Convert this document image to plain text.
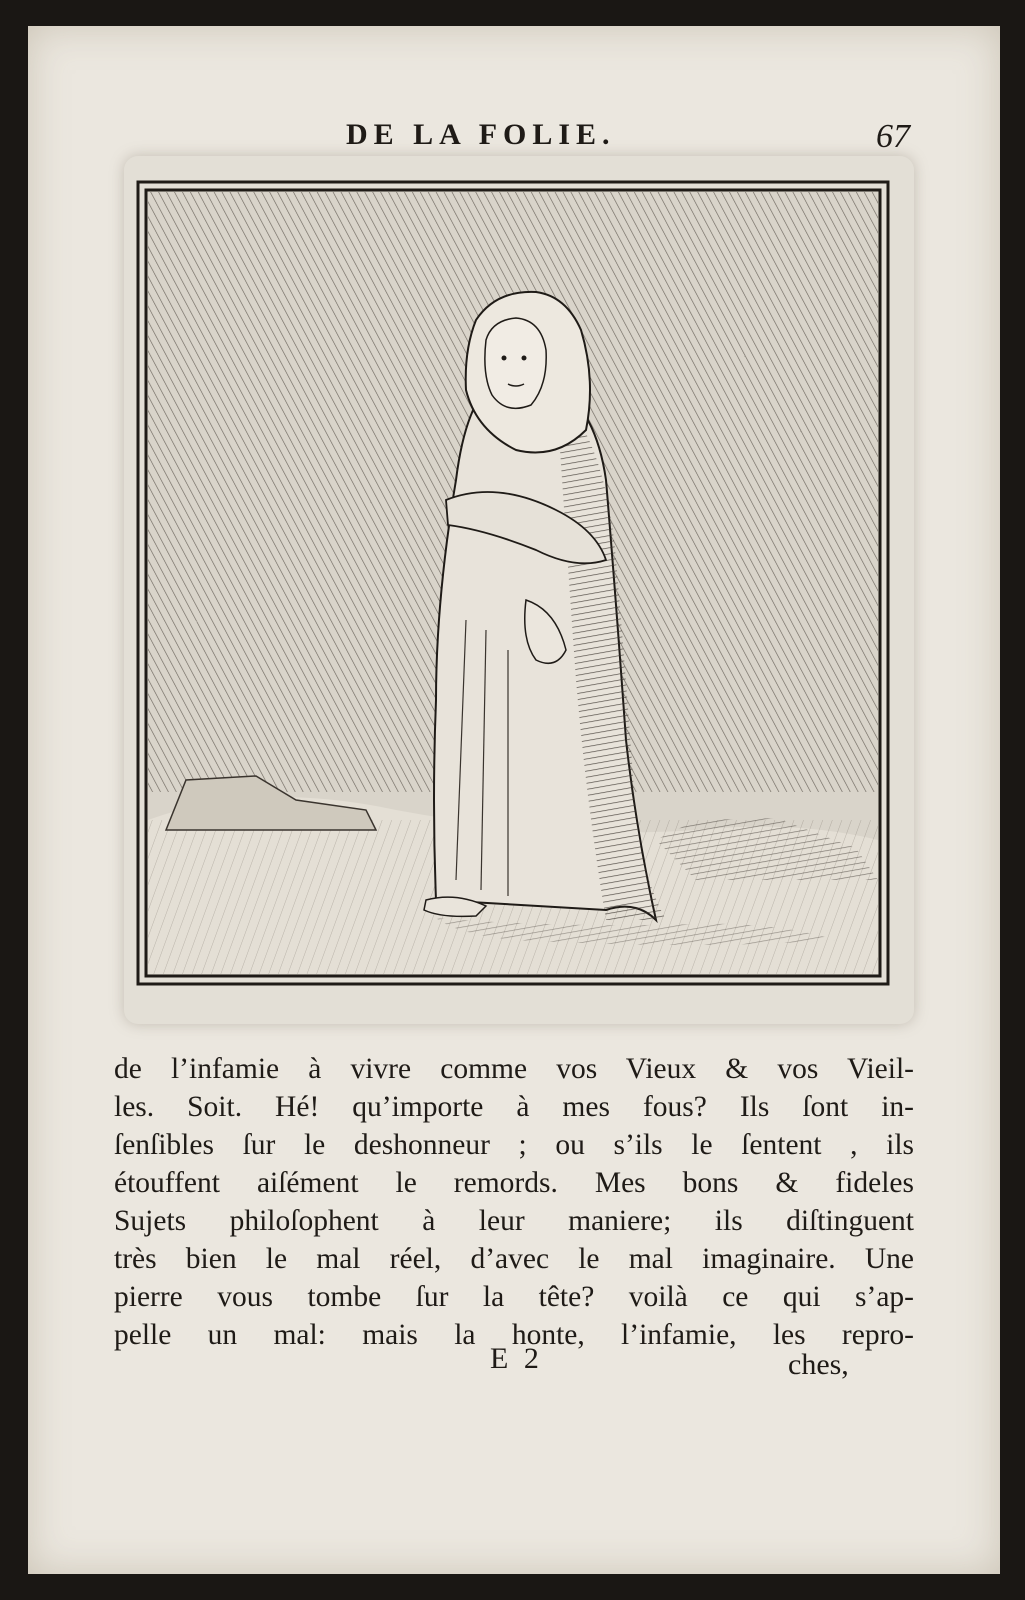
DE LA FOLIE.	67
de l’infamie à vivre comme vos Vieux & vos Vieil-
les. Soit. Hé! qu’importe à mes fous? Ils ſont in-
ſenſibles ſur le deshonneur ; ou s’ils le ſentent , ils
étouffent aiſément le remords. Mes bons & fideles
Sujets philoſophent à leur maniere; ils diſtinguent
très bien le mal réel, d’avec le mal imaginaire. Une
pierre vous tombe ſur la tête? voilà ce qui s’ap-
pelle un mal: mais la honte, l’infamie, les repro-
E 2	ches,
